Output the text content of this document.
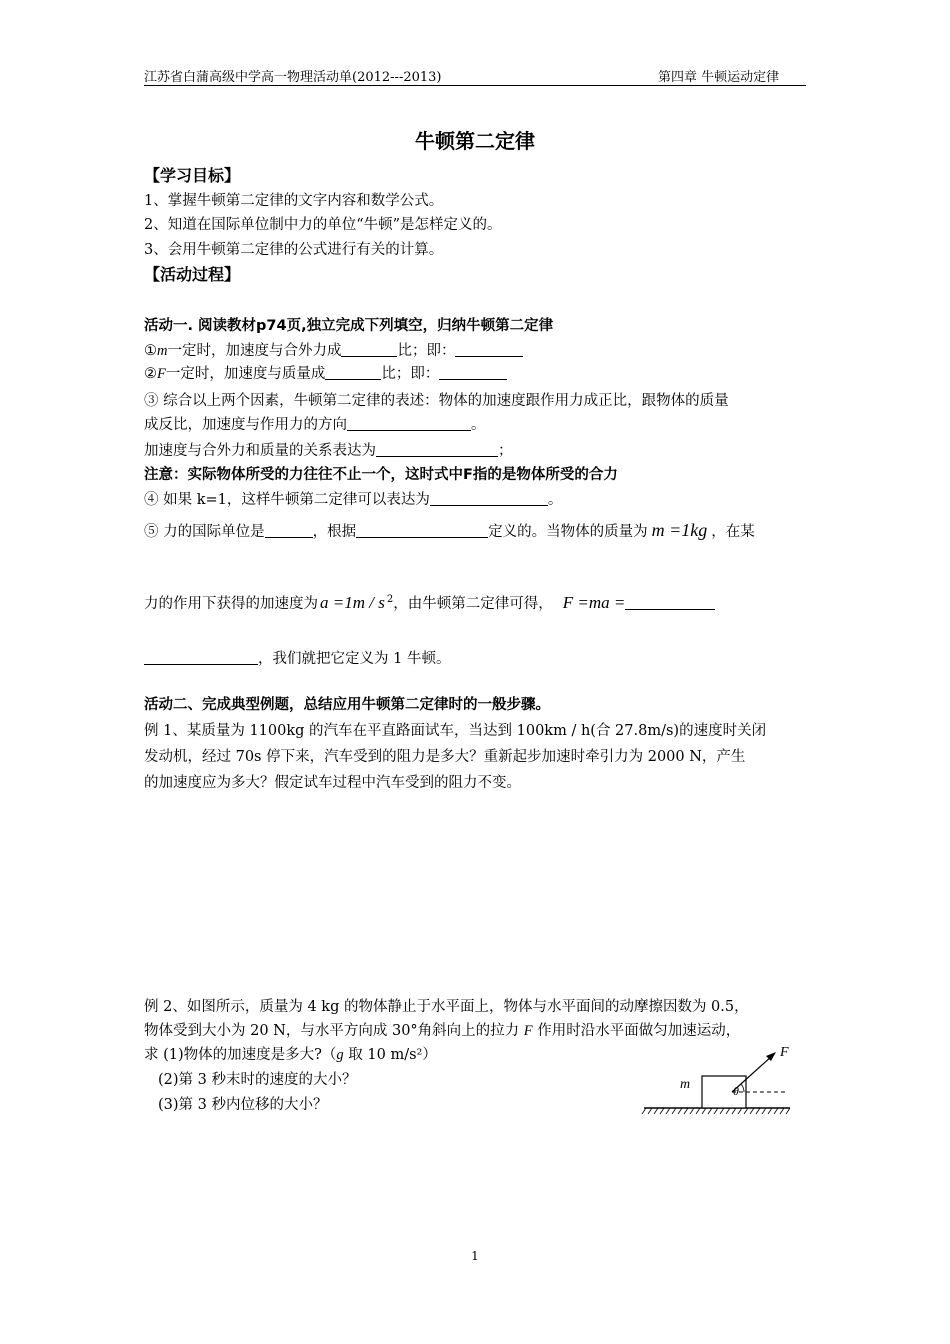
江苏省白蒲高级中学高一物理活动单(2012---2013)	第四章 牛顿运动定律
牛顿第二定律
【学习目标】
1、掌握牛顿第二定律的文字内容和数学公式。
2、知道在国际单位制中力的单位“牛顿”是怎样定义的。
3、会用牛顿第二定律的公式进行有关的计算。
【活动过程】
活动一. 阅读教材p74页,独立完成下列填空，归纳牛顿第二定律
①m一定时，加速度与合外力成	比；即：
②F一定时，加速度与质量成	比；即：
③ 综合以上两个因素，牛顿第二定律的表述：物体的加速度跟作用力成正比，跟物体的质量
成反比，加速度与作用力的方向	。
加速度与合外力和质量的关系表达为	；
注意：实际物体所受的力往往不止一个，这时式中F指的是物体所受的合力
④ 如果 k=1，这样牛顿第二定律可以表达为	。
⑤ 力的国际单位是	，根据	定义的。当物体的质量为 m =1kg ，在某
力的作用下获得的加速度为 a =1m / s $^2$，由牛顿第二定律可得， F =ma =
，我们就把它定义为 1 牛顿。
活动二、完成典型例题，总结应用牛顿第二定律时的一般步骤。
例 1、某质量为 1100kg 的汽车在平直路面试车，当达到 100km / h(合 27.8m/s)的速度时关闭
发动机，经过 70s 停下来，汽车受到的阻力是多大？重新起步加速时牵引力为 2000 N，产生
的加速度应为多大？假定试车过程中汽车受到的阻力不变。
例 2、如图所示，质量为 4 kg 的物体静止于水平面上，物体与水平面间的动摩擦因数为 0.5，
物体受到大小为 20 N，与水平方向成 30°角斜向上的拉力 F 作用时沿水平面做匀加速运动，
求 (1)物体的加速度是多大?（g 取 10 m/s²）
(2)第 3 秒末时的速度的大小？
(3)第 3 秒内位移的大小？
m
F
θ
1
